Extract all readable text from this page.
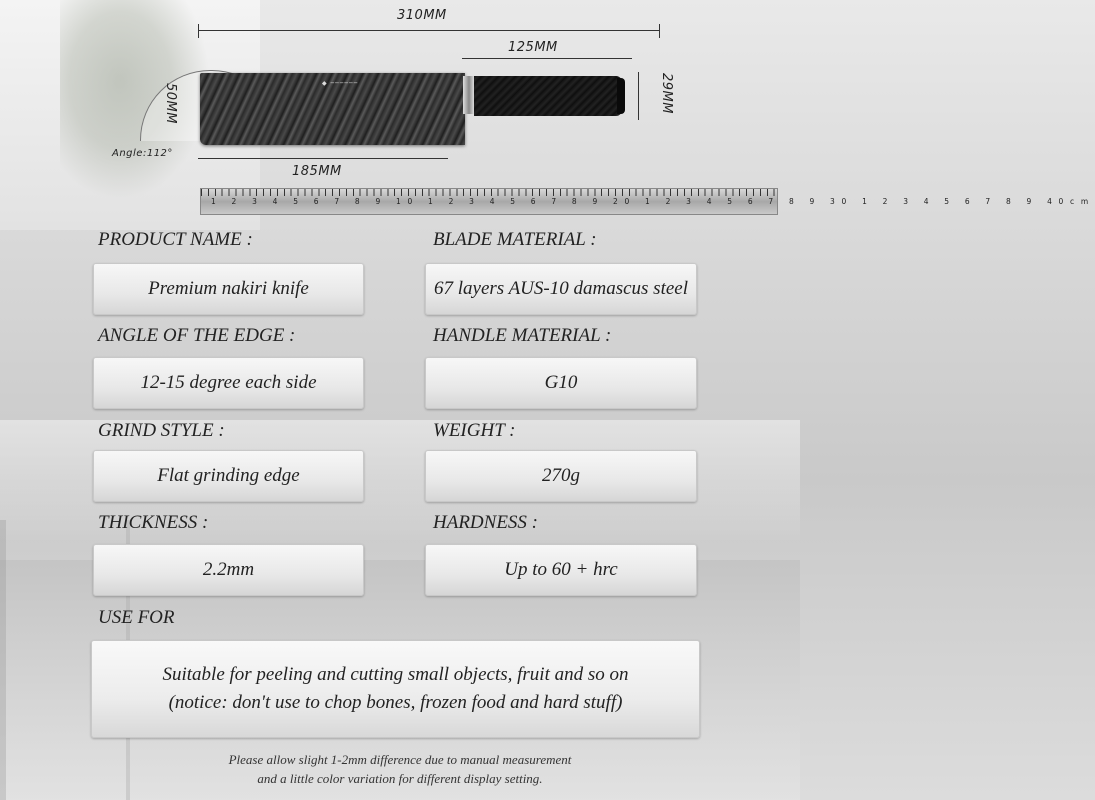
310MM
125MM
29MM
50MM	◆ ──────
Angle:112°
185MM
1 2 3 4 5 6 7 8 9 10 1 2 3 4 5 6 7 8 9 20 1 2 3 4 5 6 7 8 9 30 1 2 3 4 5 6 7 8 9 40cm
PRODUCT NAME :
Premium nakiri knife
BLADE MATERIAL :
67 layers AUS-10 damascus steel
ANGLE OF THE EDGE :
12-15 degree each side
HANDLE MATERIAL :
G10
GRIND STYLE :
Flat grinding edge
WEIGHT :
270g
THICKNESS :
2.2mm
HARDNESS :
Up to 60 + hrc
USE FOR
Suitable for peeling and cutting small objects, fruit and so on
(notice: don't use to chop bones, frozen food and hard stuff)
Please allow slight 1-2mm difference due to manual measurement
and a little color variation for different display setting.
